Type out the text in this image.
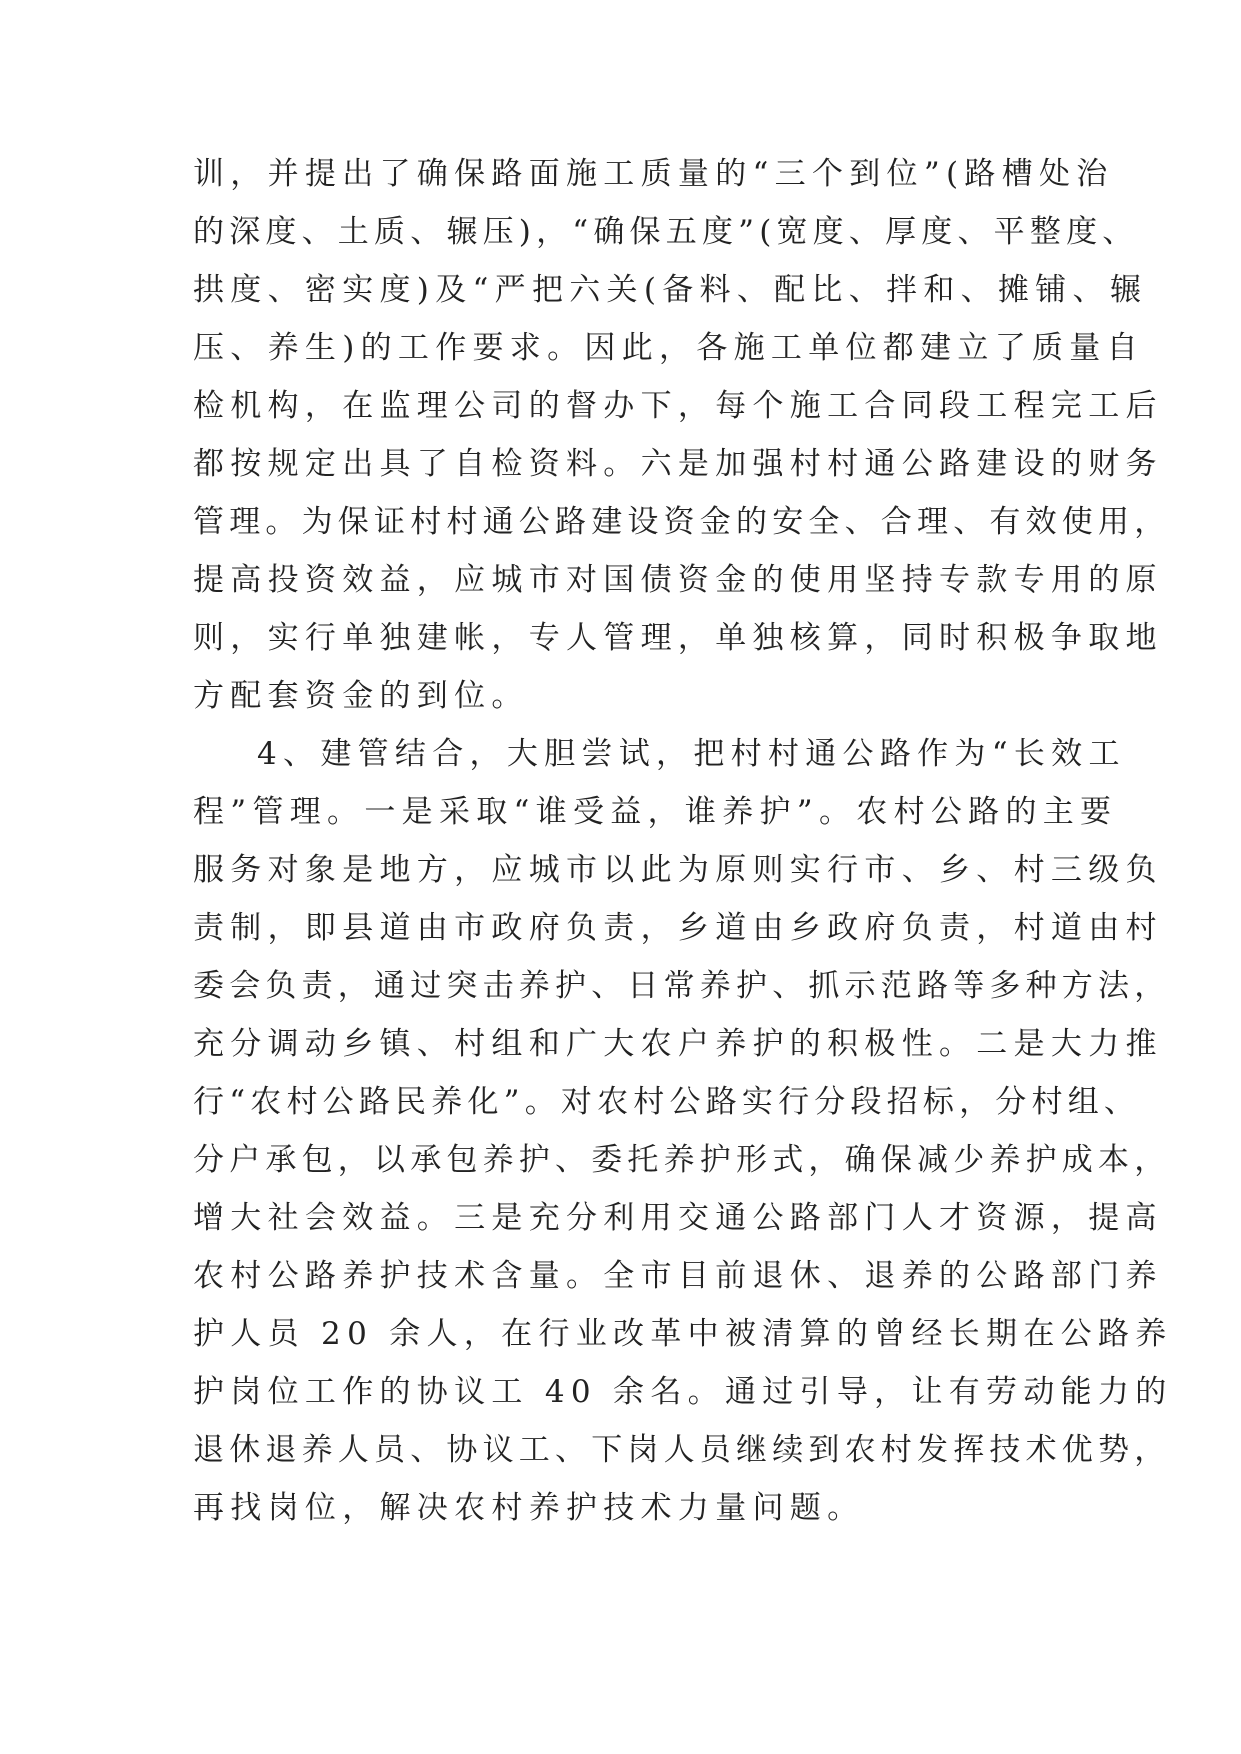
训，并提出了确保路面施工质量的“三个到位”(路槽处治
的深度、土质、辗压)，“确保五度”(宽度、厚度、平整度、
拱度、密实度)及“严把六关(备料、配比、拌和、摊铺、辗
压、养生)的工作要求。因此，各施工单位都建立了质量自
检机构，在监理公司的督办下，每个施工合同段工程完工后
都按规定出具了自检资料。六是加强村村通公路建设的财务
管理。为保证村村通公路建设资金的安全、合理、有效使用，
提高投资效益，应城市对国债资金的使用坚持专款专用的原
则，实行单独建帐，专人管理，单独核算，同时积极争取地
方配套资金的到位。
4、建管结合，大胆尝试，把村村通公路作为“长效工
程”管理。一是采取“谁受益，谁养护”。农村公路的主要
服务对象是地方，应城市以此为原则实行市、乡、村三级负
责制，即县道由市政府负责，乡道由乡政府负责，村道由村
委会负责，通过突击养护、日常养护、抓示范路等多种方法，
充分调动乡镇、村组和广大农户养护的积极性。二是大力推
行“农村公路民养化”。对农村公路实行分段招标，分村组、
分户承包，以承包养护、委托养护形式，确保减少养护成本，
增大社会效益。三是充分利用交通公路部门人才资源，提高
农村公路养护技术含量。全市目前退休、退养的公路部门养
护人员 20 余人，在行业改革中被清算的曾经长期在公路养
护岗位工作的协议工 40 余名。通过引导，让有劳动能力的
退休退养人员、协议工、下岗人员继续到农村发挥技术优势，
再找岗位，解决农村养护技术力量问题。
